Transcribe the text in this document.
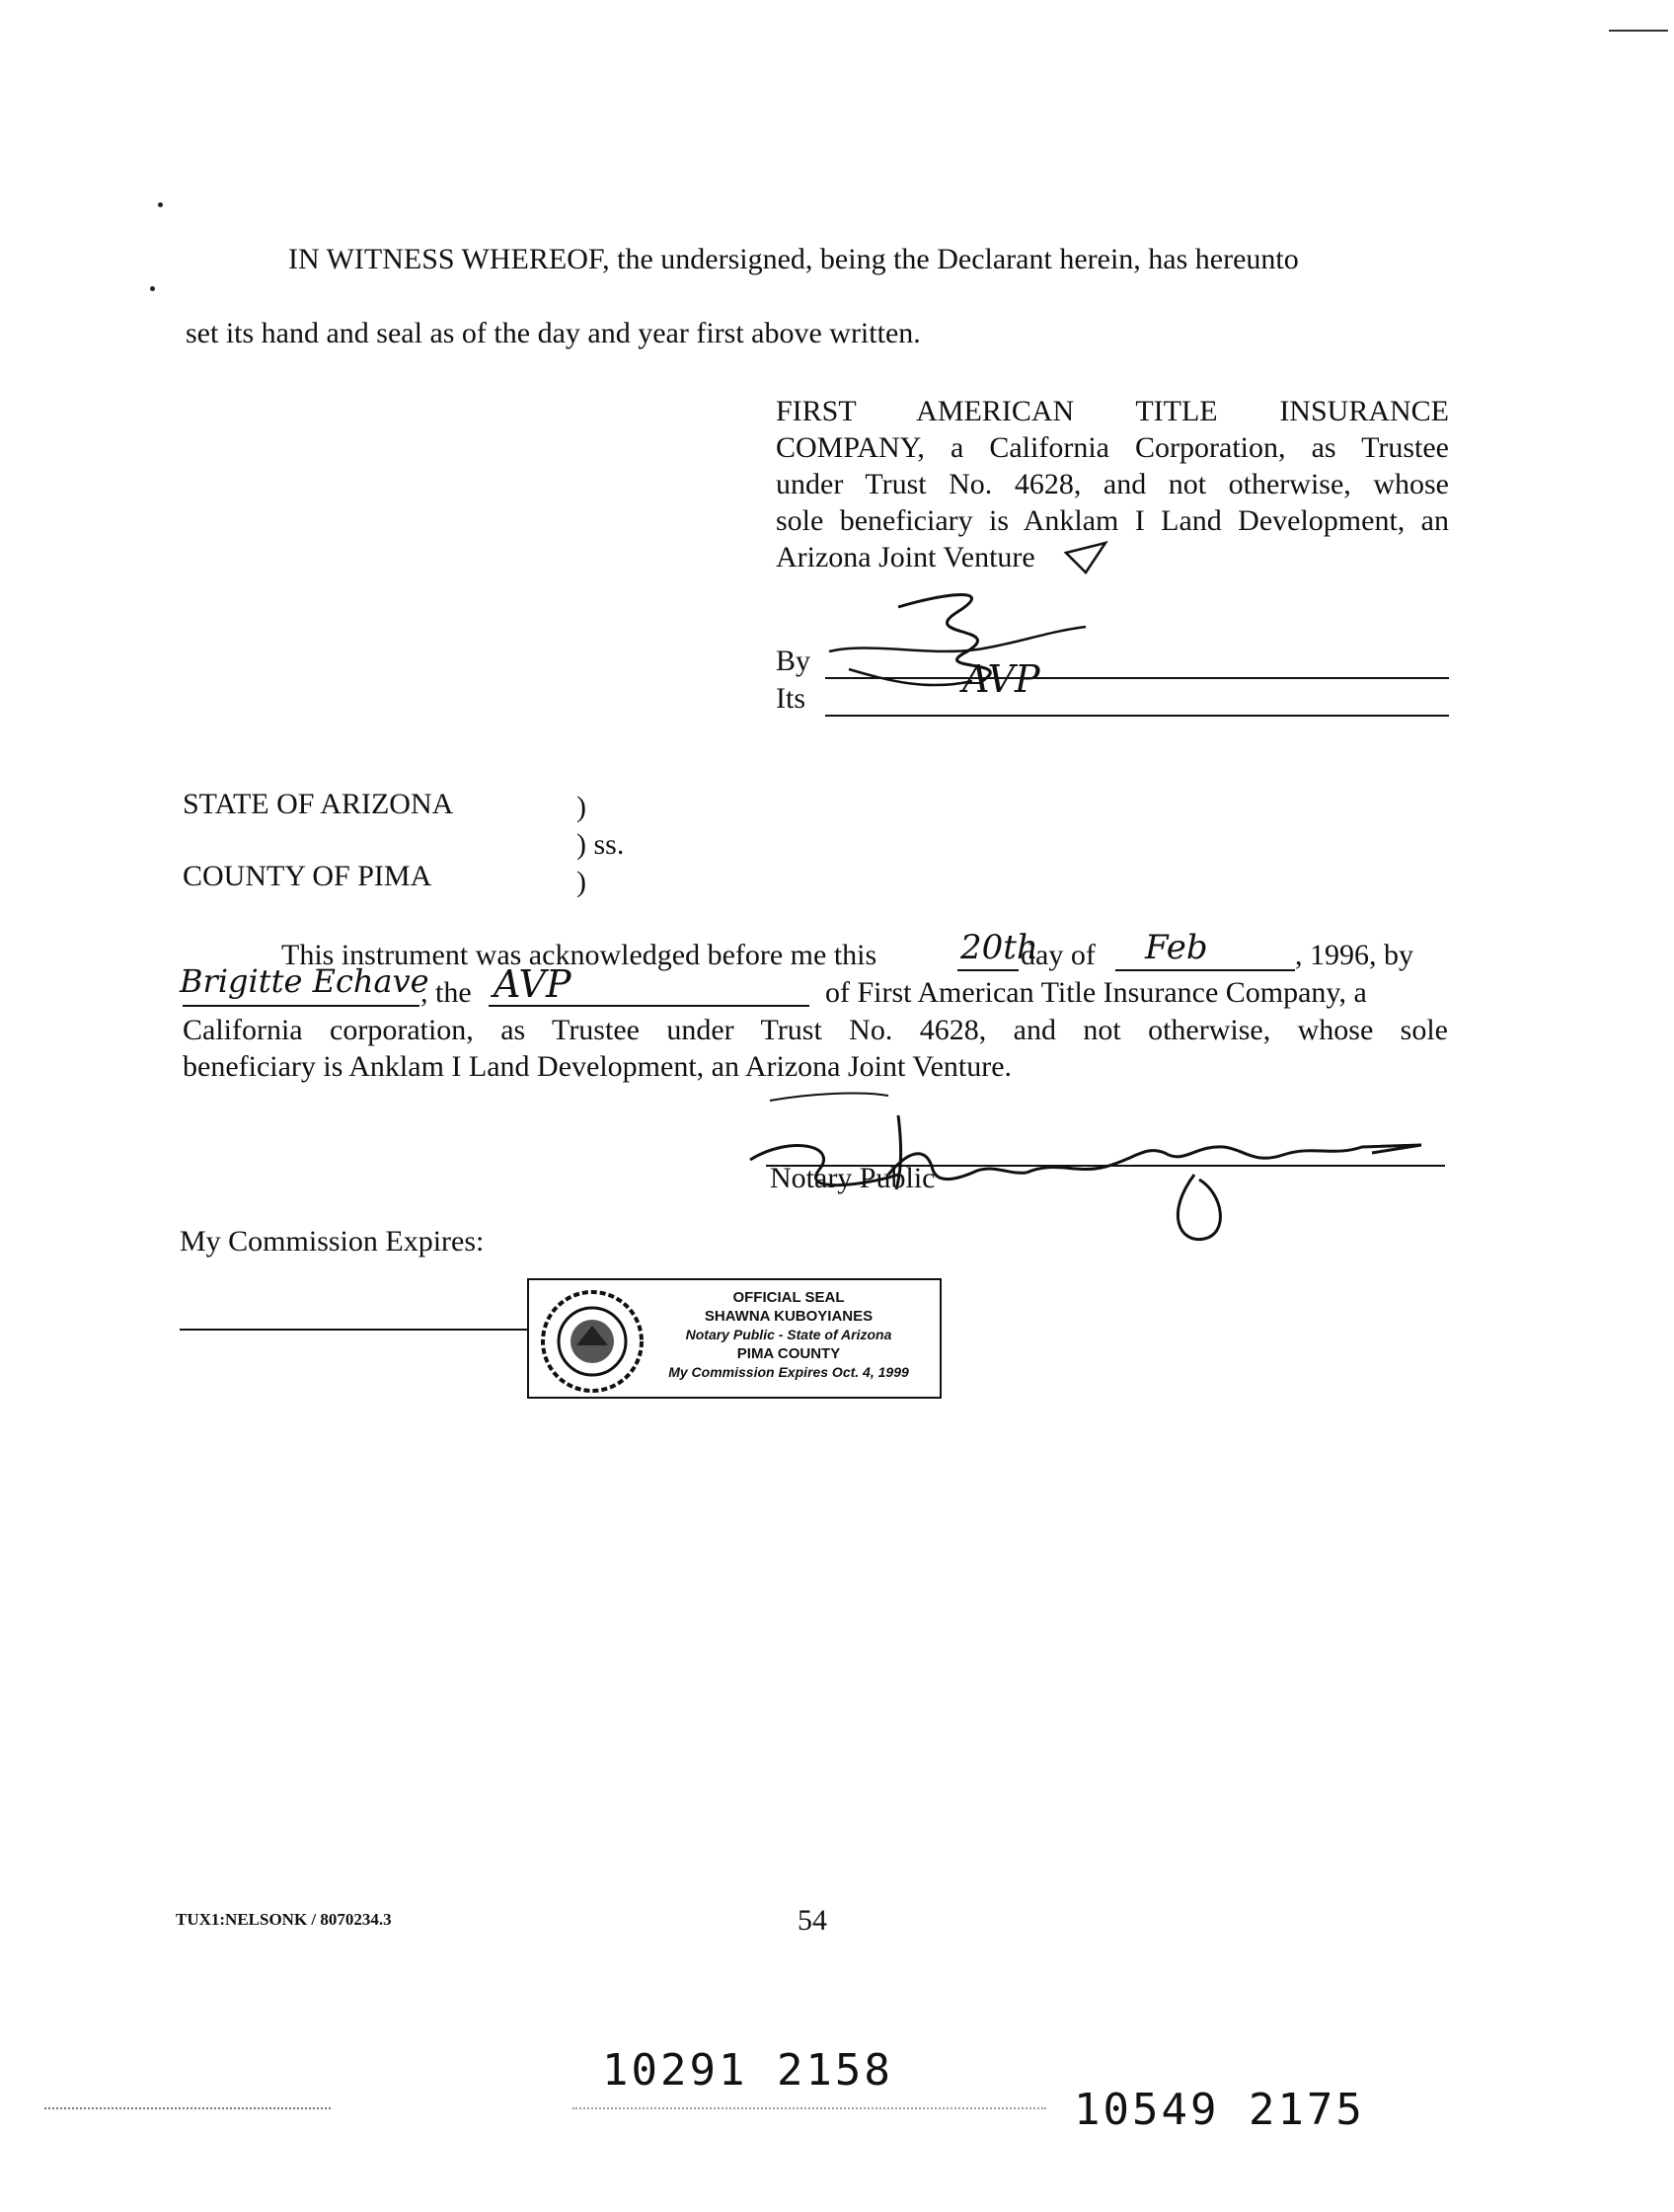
IN WITNESS WHEREOF, the undersigned, being the Declarant herein, has hereunto
set its hand and seal as of the day and year first above written.
FIRST AMERICAN TITLE INSURANCE
COMPANY, a California Corporation, as Trustee
under Trust No. 4628, and not otherwise, whose
sole beneficiary is Anklam I Land Development, an
Arizona Joint Venture
By
Its	AVP
STATE OF ARIZONA	)
) ss.
COUNTY OF PIMA	)
This instrument was acknowledged before me this 20th
day of Feb	, 1996, by
Brigitte Echave
, the AVP	of First American Title Insurance Company, a
California corporation, as Trustee under Trust No. 4628, and not otherwise, whose sole
beneficiary is Anklam I Land Development, an Arizona Joint Venture.
Notary Public
My Commission Expires:
OFFICIAL SEAL
SHAWNA KUBOYIANES
Notary Public - State of Arizona
PIMA COUNTY
My Commission Expires Oct. 4, 1999
TUX1:NELSONK / 8070234.3	54
10291 2158
10549 2175
